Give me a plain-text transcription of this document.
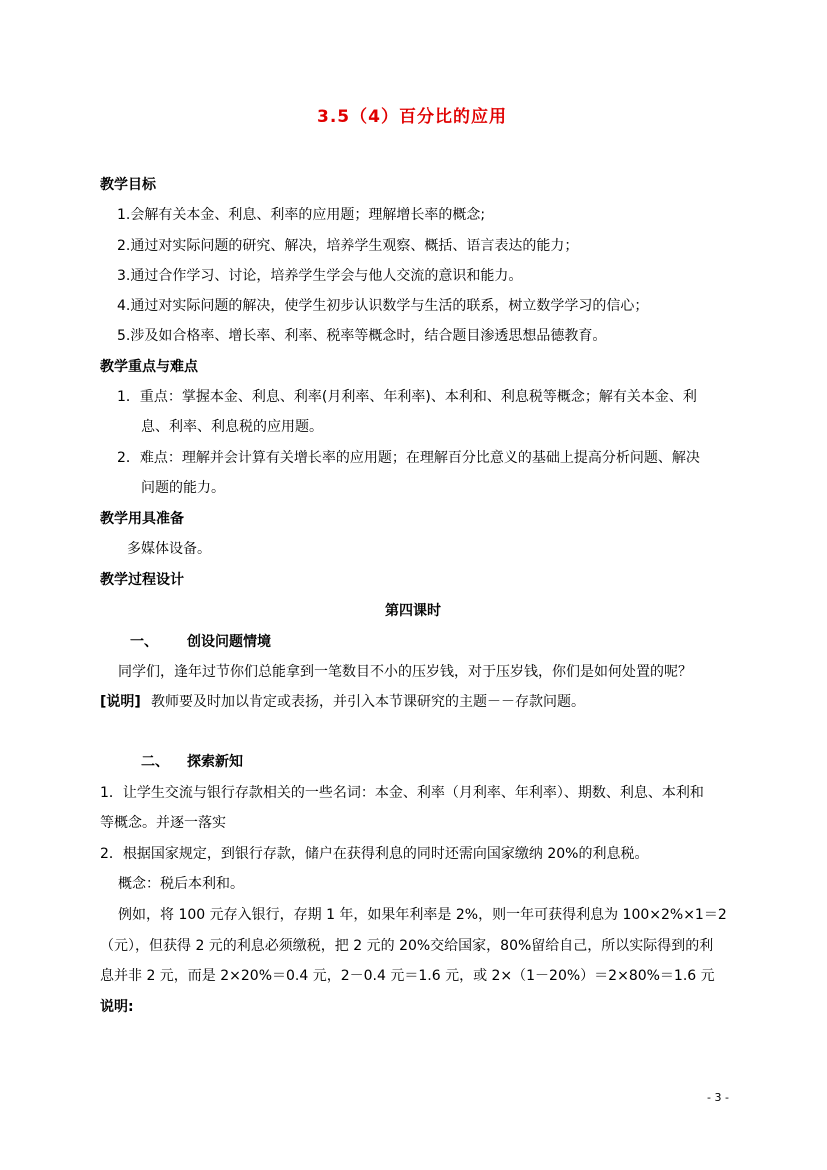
3.5（4）百分比的应用
教学目标
1.会解有关本金、利息、利率的应用题；理解增长率的概念;
2.通过对实际问题的研究、解决，培养学生观察、概括、语言表达的能力；
3.通过合作学习、讨论，培养学生学会与他人交流的意识和能力。
4.通过对实际问题的解决，使学生初步认识数学与生活的联系，树立数学学习的信心；
5.涉及如合格率、增长率、利率、税率等概念时，结合题目渗透思想品德教育。
教学重点与难点
1．重点：掌握本金、利息、利率(月利率、年利率)、本利和、利息税等概念；解有关本金、利
息、利率、利息税的应用题。
2．难点：理解并会计算有关增长率的应用题；在理解百分比意义的基础上提高分析问题、解决
问题的能力。
教学用具准备
多媒体设备。
教学过程设计
第四课时
一、 创设问题情境
同学们，逢年过节你们总能拿到一笔数目不小的压岁钱，对于压岁钱，你们是如何处置的呢？
[说明] 教师要及时加以肯定或表扬，并引入本节课研究的主题－－存款问题。
二、 探索新知
1．让学生交流与银行存款相关的一些名词：本金、利率（月利率、年利率）、期数、利息、本利和
等概念。并逐一落实
2．根据国家规定，到银行存款，储户在获得利息的同时还需向国家缴纳 20%的利息税。
概念：税后本利和。
例如，将 100 元存入银行，存期 1 年，如果年利率是 2%，则一年可获得利息为 100×2%×1＝2
（元），但获得 2 元的利息必须缴税，把 2 元的 20%交给国家，80%留给自己，所以实际得到的利
息并非 2 元，而是 2×20%＝0.4 元，2－0.4 元＝1.6 元，或 2×（1－20%）＝2×80%＝1.6 元
说明:
- 3 -
